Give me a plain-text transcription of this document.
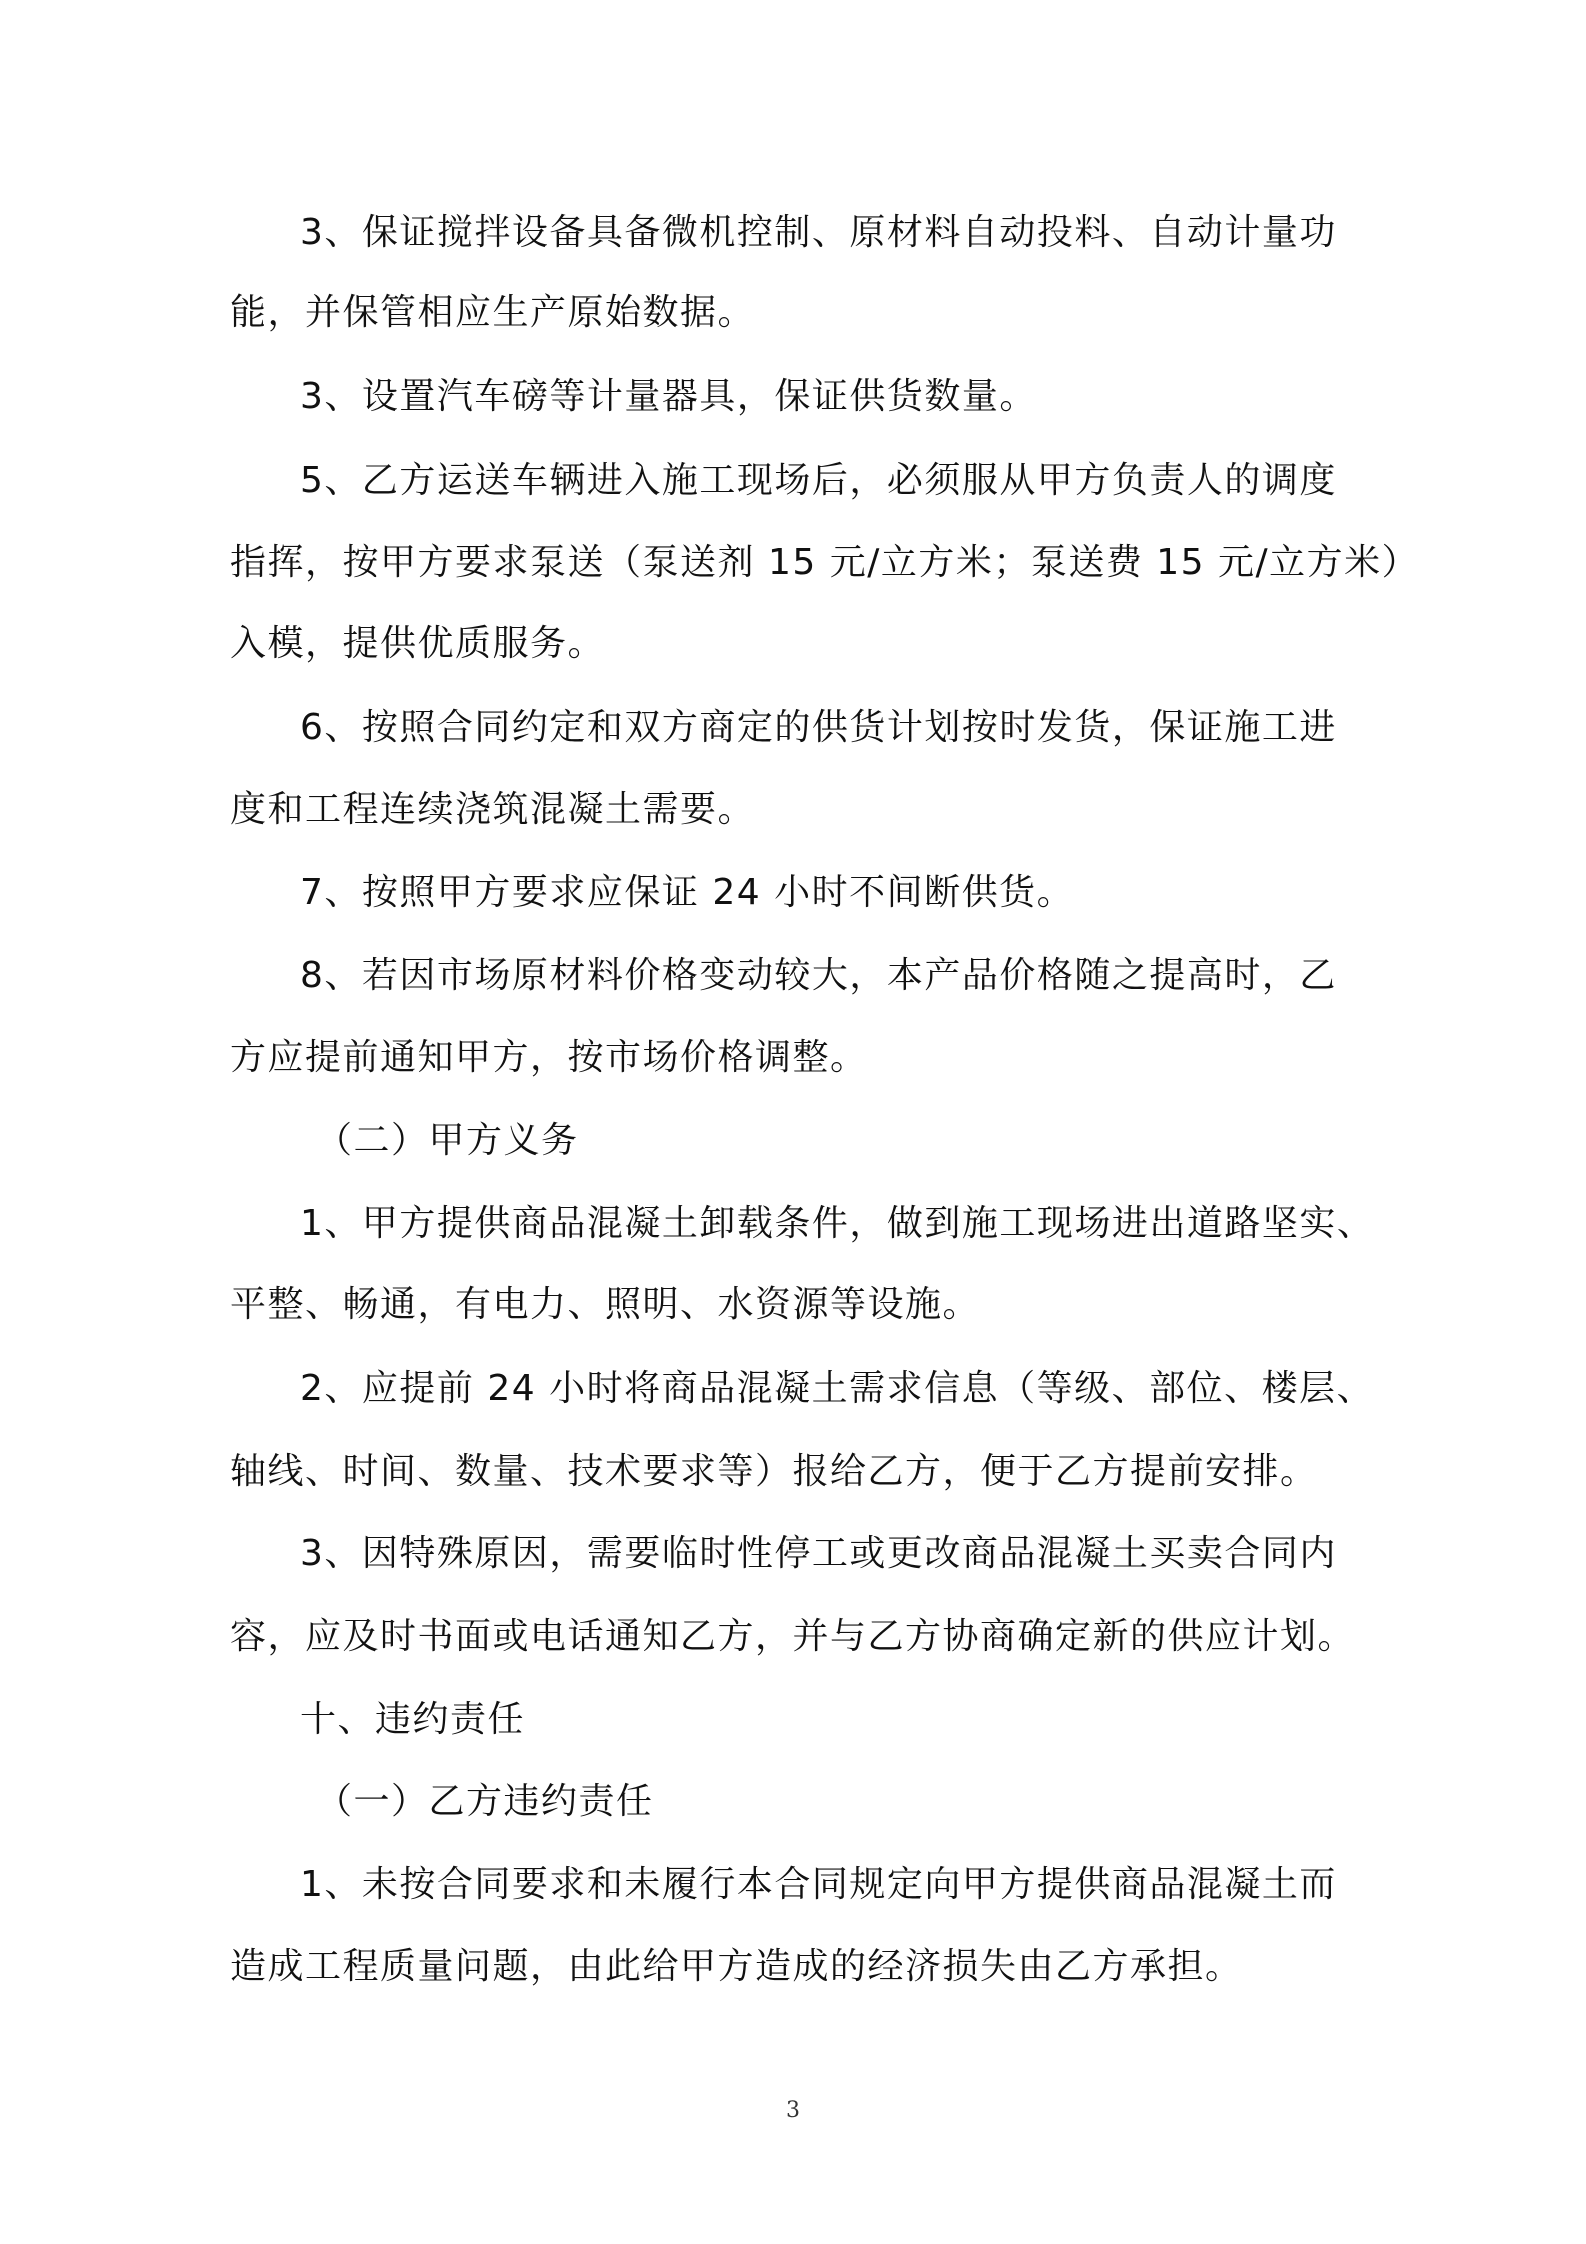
3、保证搅拌设备具备微机控制、原材料自动投料、自动计量功
能，并保管相应生产原始数据。
3、设置汽车磅等计量器具，保证供货数量。
5、乙方运送车辆进入施工现场后，必须服从甲方负责人的调度
指挥，按甲方要求泵送（泵送剂 15 元/立方米；泵送费 15 元/立方米）
入模，提供优质服务。
6、按照合同约定和双方商定的供货计划按时发货，保证施工进
度和工程连续浇筑混凝土需要。
7、按照甲方要求应保证 24 小时不间断供货。
8、若因市场原材料价格变动较大，本产品价格随之提高时，乙
方应提前通知甲方，按市场价格调整。
（二）甲方义务
1、甲方提供商品混凝土卸载条件，做到施工现场进出道路坚实、
平整、畅通，有电力、照明、水资源等设施。
2、应提前 24 小时将商品混凝土需求信息（等级、部位、楼层、
轴线、时间、数量、技术要求等）报给乙方，便于乙方提前安排。
3、因特殊原因，需要临时性停工或更改商品混凝土买卖合同内
容，应及时书面或电话通知乙方，并与乙方协商确定新的供应计划。
十、违约责任
（一）乙方违约责任
1、未按合同要求和未履行本合同规定向甲方提供商品混凝土而
造成工程质量问题，由此给甲方造成的经济损失由乙方承担。
3
